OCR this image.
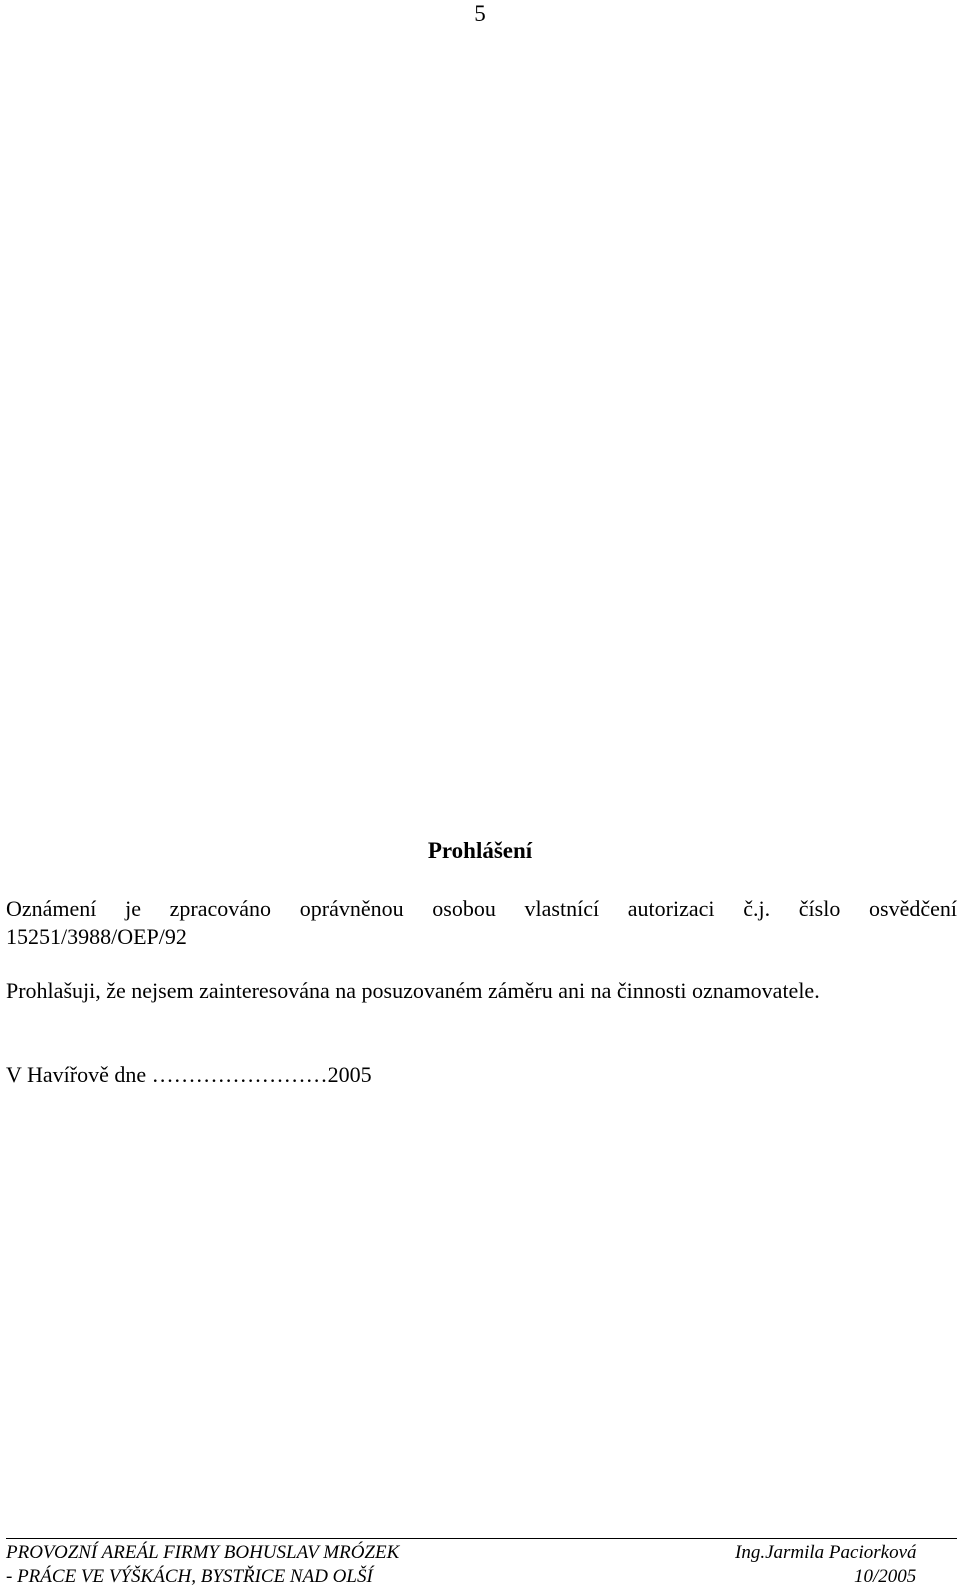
5
Prohlášení
Oznámení je zpracováno oprávněnou osobou vlastnící autorizaci č.j. číslo osvědčení
15251/3988/OEP/92
Prohlašuji, že nejsem zainteresována na posuzovaném záměru ani na činnosti oznamovatele.
V Havířově dne ……………………2005
PROVOZNÍ AREÁL FIRMY BOHUSLAV MRÓZEK	Ing.Jarmila Paciorková
- PRÁCE VE VÝŠKÁCH, BYSTŘICE NAD OLŠÍ	10/2005
